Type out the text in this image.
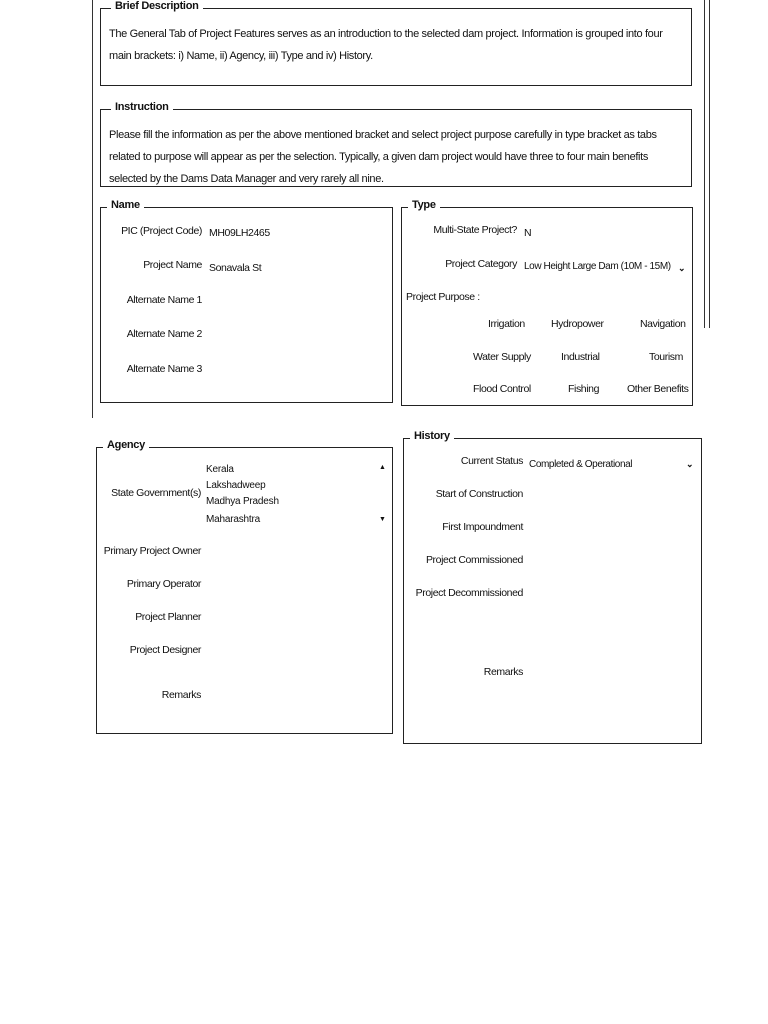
Brief Description
The General Tab of Project Features serves as an introduction to the selected dam project. Information is grouped into four main brackets: i) Name, ii) Agency, iii) Type and iv) History.
Instruction
Please fill the information as per the above mentioned bracket and select project purpose carefully in type bracket as tabs related to purpose will appear as per the selection. Typically, a given dam project would have three to four main benefits selected by the Dams Data Manager and very rarely all nine.
Name
PIC (Project Code) MH09LH2465
Project Name Sonavala St
Alternate Name 1
Alternate Name 2
Alternate Name 3
Type
Multi-State Project? N
Project Category Low Height Large Dam (10M - 15M) ⌄
Project Purpose :
Irrigation Hydropower	Navigation
Water Supply	Industrial	Tourism
Flood Control	Fishing	Other Benefits
Agency
State Government(s)
Kerala
Lakshadweep
Madhya Pradesh
Maharashtra
▲
▼
Primary Project Owner
Primary Operator
Project Planner
Project Designer
Remarks
History
Current Status Completed & Operational	⌄
Start of Construction
First Impoundment
Project Commissioned
Project Decommissioned
Remarks
